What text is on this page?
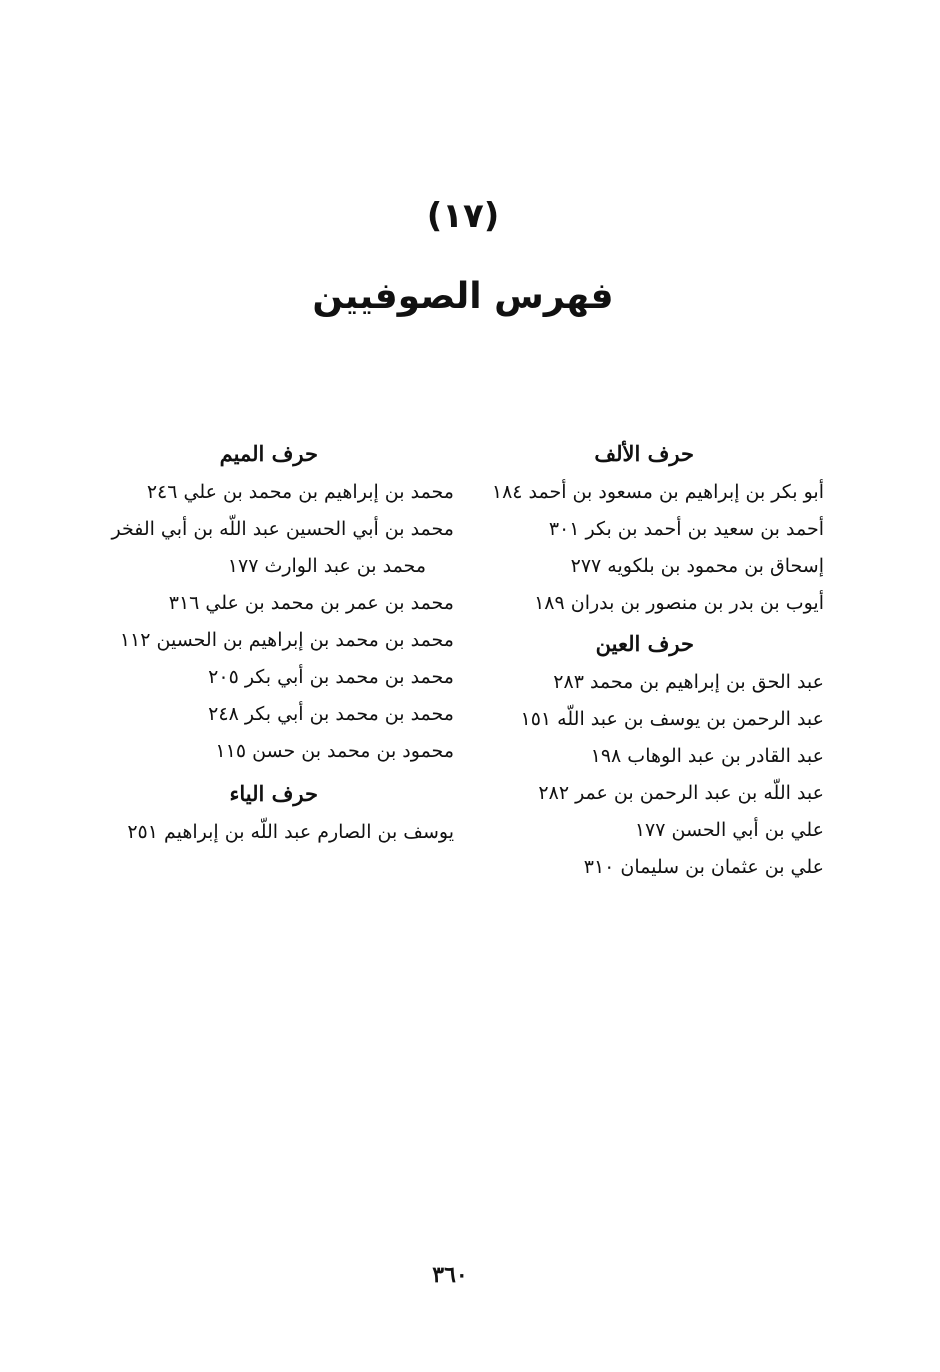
(١٧)
فهرس الصوفيين
حرف الألف
أبو بكر بن إبراهيم بن مسعود بن أحمد ١٨٤
أحمد بن سعيد بن أحمد بن بكر ٣٠١
إسحاق بن محمود بن بلكويه ٢٧٧
أيوب بن بدر بن منصور بن بدران ١٨٩
حرف العين
عبد الحق بن إبراهيم بن محمد ٢٨٣
عبد الرحمن بن يوسف بن عبد اللّه ١٥١
عبد القادر بن عبد الوهاب ١٩٨
عبد اللّه بن عبد الرحمن بن عمر ٢٨٢
علي بن أبي الحسن ١٧٧
علي بن عثمان بن سليمان ٣١٠
حرف الميم
محمد بن إبراهيم بن محمد بن علي ٢٤٦
محمد بن أبي الحسين عبد اللّه بن أبي الفخر
محمد بن عبد الوارث ١٧٧
محمد بن عمر بن محمد بن علي ٣١٦
محمد بن محمد بن إبراهيم بن الحسين ١١٢
محمد بن محمد بن أبي بكر ٢٠٥
محمد بن محمد بن أبي بكر ٢٤٨
محمود بن محمد بن حسن ١١٥
حرف الياء
يوسف بن الصارم عبد اللّه بن إبراهيم ٢٥١
٣٦٠
